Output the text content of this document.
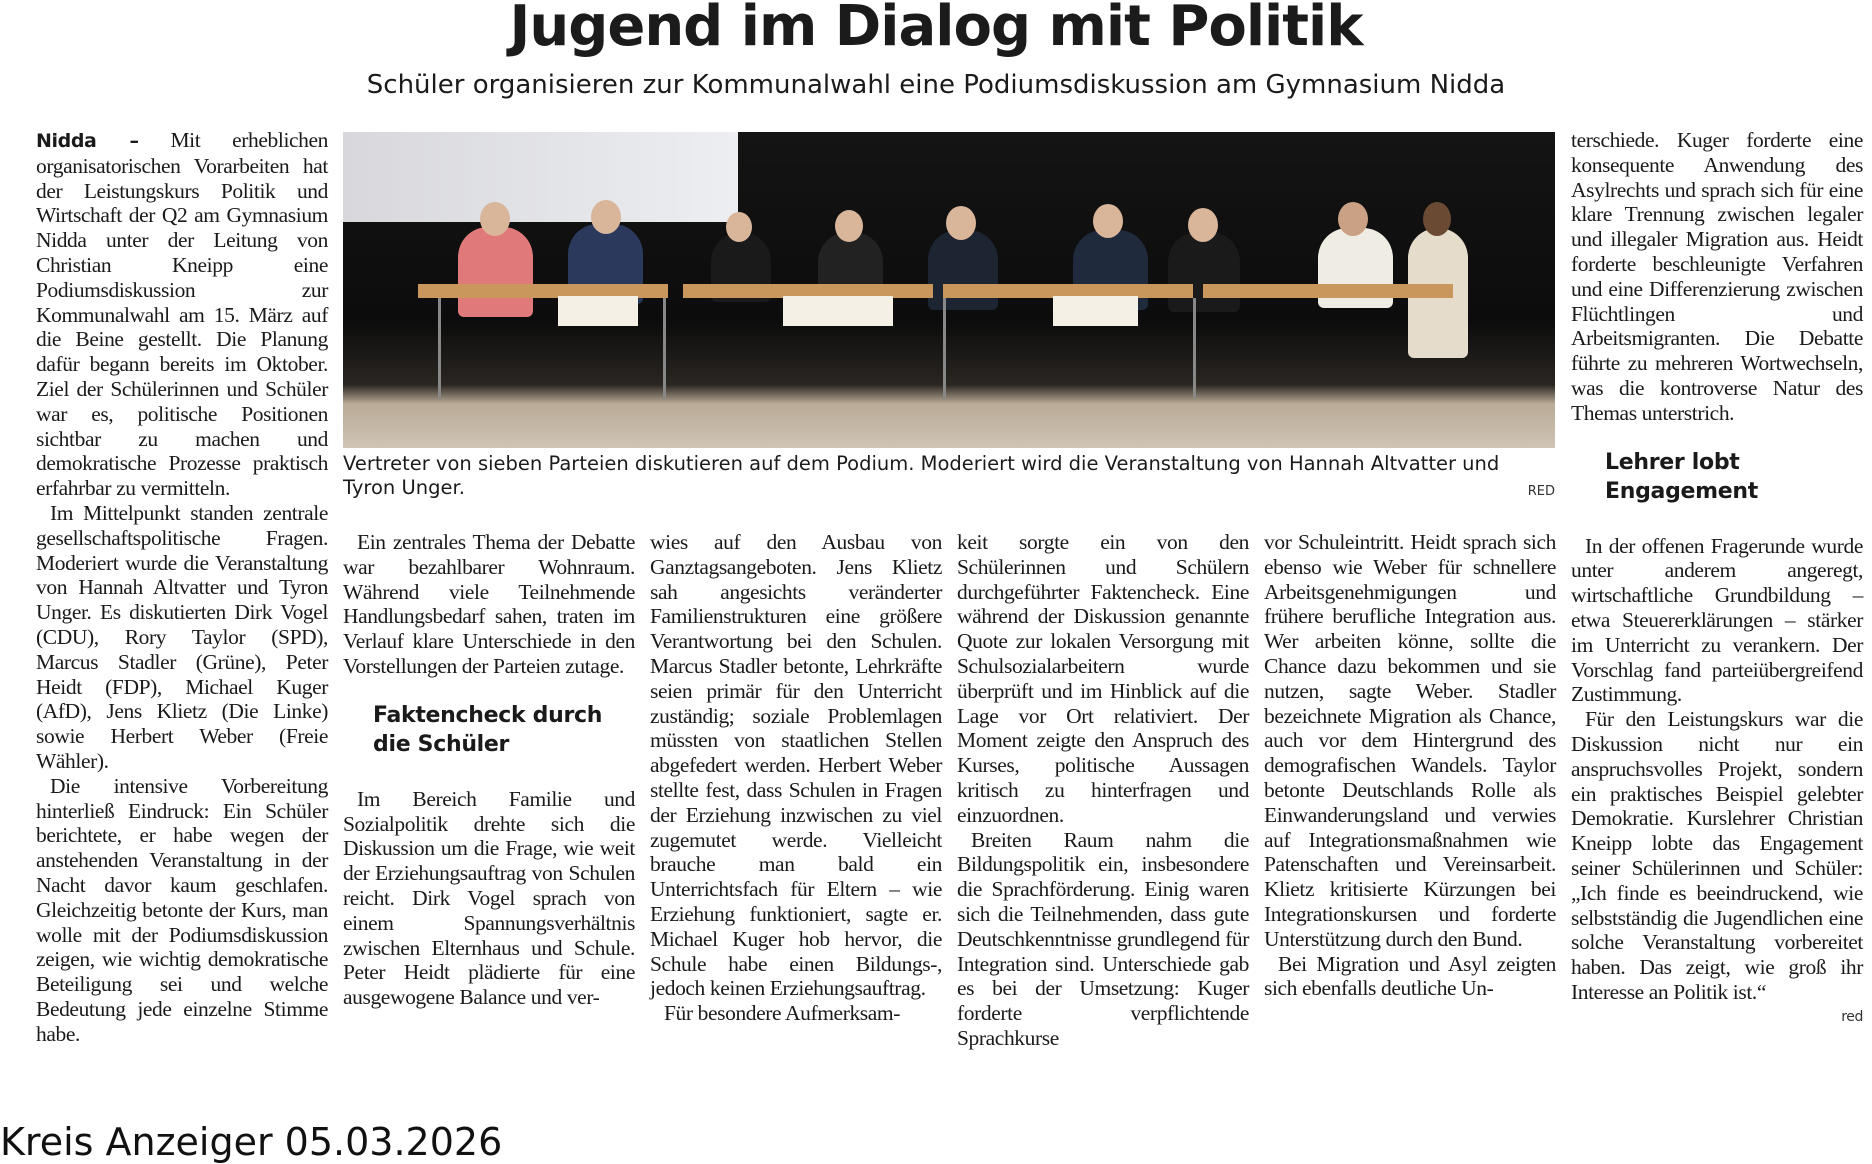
Jugend im Dialog mit Politik
Schüler organisieren zur Kommunalwahl eine Podiumsdiskussion am Gymnasium Nidda

Nidda – Mit erheblichen organisatorischen Vorarbeiten hat der Leistungskurs Politik und Wirtschaft der Q2 am Gymnasium Nidda unter der Leitung von Christian Kneipp eine Podiumsdiskussion zur Kommunalwahl am 15. März auf die Beine gestellt. Die Planung dafür begann bereits im Oktober. Ziel der Schülerinnen und Schüler war es, politische Positionen sichtbar zu machen und demokratische Prozesse praktisch erfahrbar zu vermitteln.

Im Mittelpunkt standen zentrale gesellschaftspolitische Fragen. Moderiert wurde die Veranstaltung von Hannah Altvatter und Tyron Unger. Es diskutierten Dirk Vogel (CDU), Rory Taylor (SPD), Marcus Stadler (Grüne), Peter Heidt (FDP), Michael Kuger (AfD), Jens Klietz (Die Linke) sowie Herbert Weber (Freie Wähler).

Die intensive Vorbereitung hinterließ Eindruck: Ein Schüler berichtete, er habe wegen der anstehenden Veranstaltung in der Nacht davor kaum geschlafen. Gleichzeitig betonte der Kurs, man wolle mit der Podiumsdiskussion zeigen, wie wichtig demokratische Beteiligung sei und welche Bedeutung jede einzelne Stimme habe.

Vertreter von sieben Parteien diskutieren auf dem Podium. Moderiert wird die Veranstaltung von Hannah Altvatter und Tyron Unger.	RED

Ein zentrales Thema der Debatte war bezahlbarer Wohnraum. Während viele Teilnehmende Handlungsbedarf sahen, traten im Verlauf klare Unterschiede in den Vorstellungen der Parteien zutage.

Faktencheck durch die Schüler

Im Bereich Familie und Sozialpolitik drehte sich die Diskussion um die Frage, wie weit der Erziehungsauftrag von Schulen reicht. Dirk Vogel sprach von einem Spannungsverhältnis zwischen Elternhaus und Schule. Peter Heidt plädierte für eine ausgewogene Balance und ver-

wies auf den Ausbau von Ganztagsangeboten. Jens Klietz sah angesichts veränderter Familienstrukturen eine größere Verantwortung bei den Schulen. Marcus Stadler betonte, Lehrkräfte seien primär für den Unterricht zuständig; soziale Problemlagen müssten von staatlichen Stellen abgefedert werden. Herbert Weber stellte fest, dass Schulen in Fragen der Erziehung inzwischen zu viel zugemutet werde. Vielleicht brauche man bald ein Unterrichtsfach für Eltern – wie Erziehung funktioniert, sagte er. Michael Kuger hob hervor, die Schule habe einen Bildungs-, jedoch keinen Erziehungsauftrag.

Für besondere Aufmerksam-

keit sorgte ein von den Schülerinnen und Schülern durchgeführter Faktencheck. Eine während der Diskussion genannte Quote zur lokalen Versorgung mit Schulsozialarbeitern wurde überprüft und im Hinblick auf die Lage vor Ort relativiert. Der Moment zeigte den Anspruch des Kurses, politische Aussagen kritisch zu hinterfragen und einzuordnen.

Breiten Raum nahm die Bildungspolitik ein, insbesondere die Sprachförderung. Einig waren sich die Teilnehmenden, dass gute Deutschkenntnisse grundlegend für Integration sind. Unterschiede gab es bei der Umsetzung: Kuger forderte verpflichtende Sprachkurse

vor Schuleintritt. Heidt sprach sich ebenso wie Weber für schnellere Arbeitsgenehmigungen und frühere berufliche Integration aus. Wer arbeiten könne, sollte die Chance dazu bekommen und sie nutzen, sagte Weber. Stadler bezeichnete Migration als Chance, auch vor dem Hintergrund des demografischen Wandels. Taylor betonte Deutschlands Rolle als Einwanderungsland und verwies auf Integrationsmaßnahmen wie Patenschaften und Vereinsarbeit. Klietz kritisierte Kürzungen bei Integrationskursen und forderte Unterstützung durch den Bund.

Bei Migration und Asyl zeigten sich ebenfalls deutliche Un-

terschiede. Kuger forderte eine konsequente Anwendung des Asylrechts und sprach sich für eine klare Trennung zwischen legaler und illegaler Migration aus. Heidt forderte beschleunigte Verfahren und eine Differenzierung zwischen Flüchtlingen und Arbeitsmigranten. Die Debatte führte zu mehreren Wortwechseln, was die kontroverse Natur des Themas unterstrich.

Lehrer lobt Engagement

In der offenen Fragerunde wurde unter anderem angeregt, wirtschaftliche Grundbildung – etwa Steuererklärungen – stärker im Unterricht zu verankern. Der Vorschlag fand parteiübergreifend Zustimmung.

Für den Leistungskurs war die Diskussion nicht nur ein anspruchsvolles Projekt, sondern ein praktisches Beispiel gelebter Demokratie. Kurslehrer Christian Kneipp lobte das Engagement seiner Schülerinnen und Schüler: „Ich finde es beeindruckend, wie selbstständig die Jugendlichen eine solche Veranstaltung vorbereitet haben. Das zeigt, wie groß ihr Interesse an Politik ist.“

red
Kreis Anzeiger 05.03.2026
